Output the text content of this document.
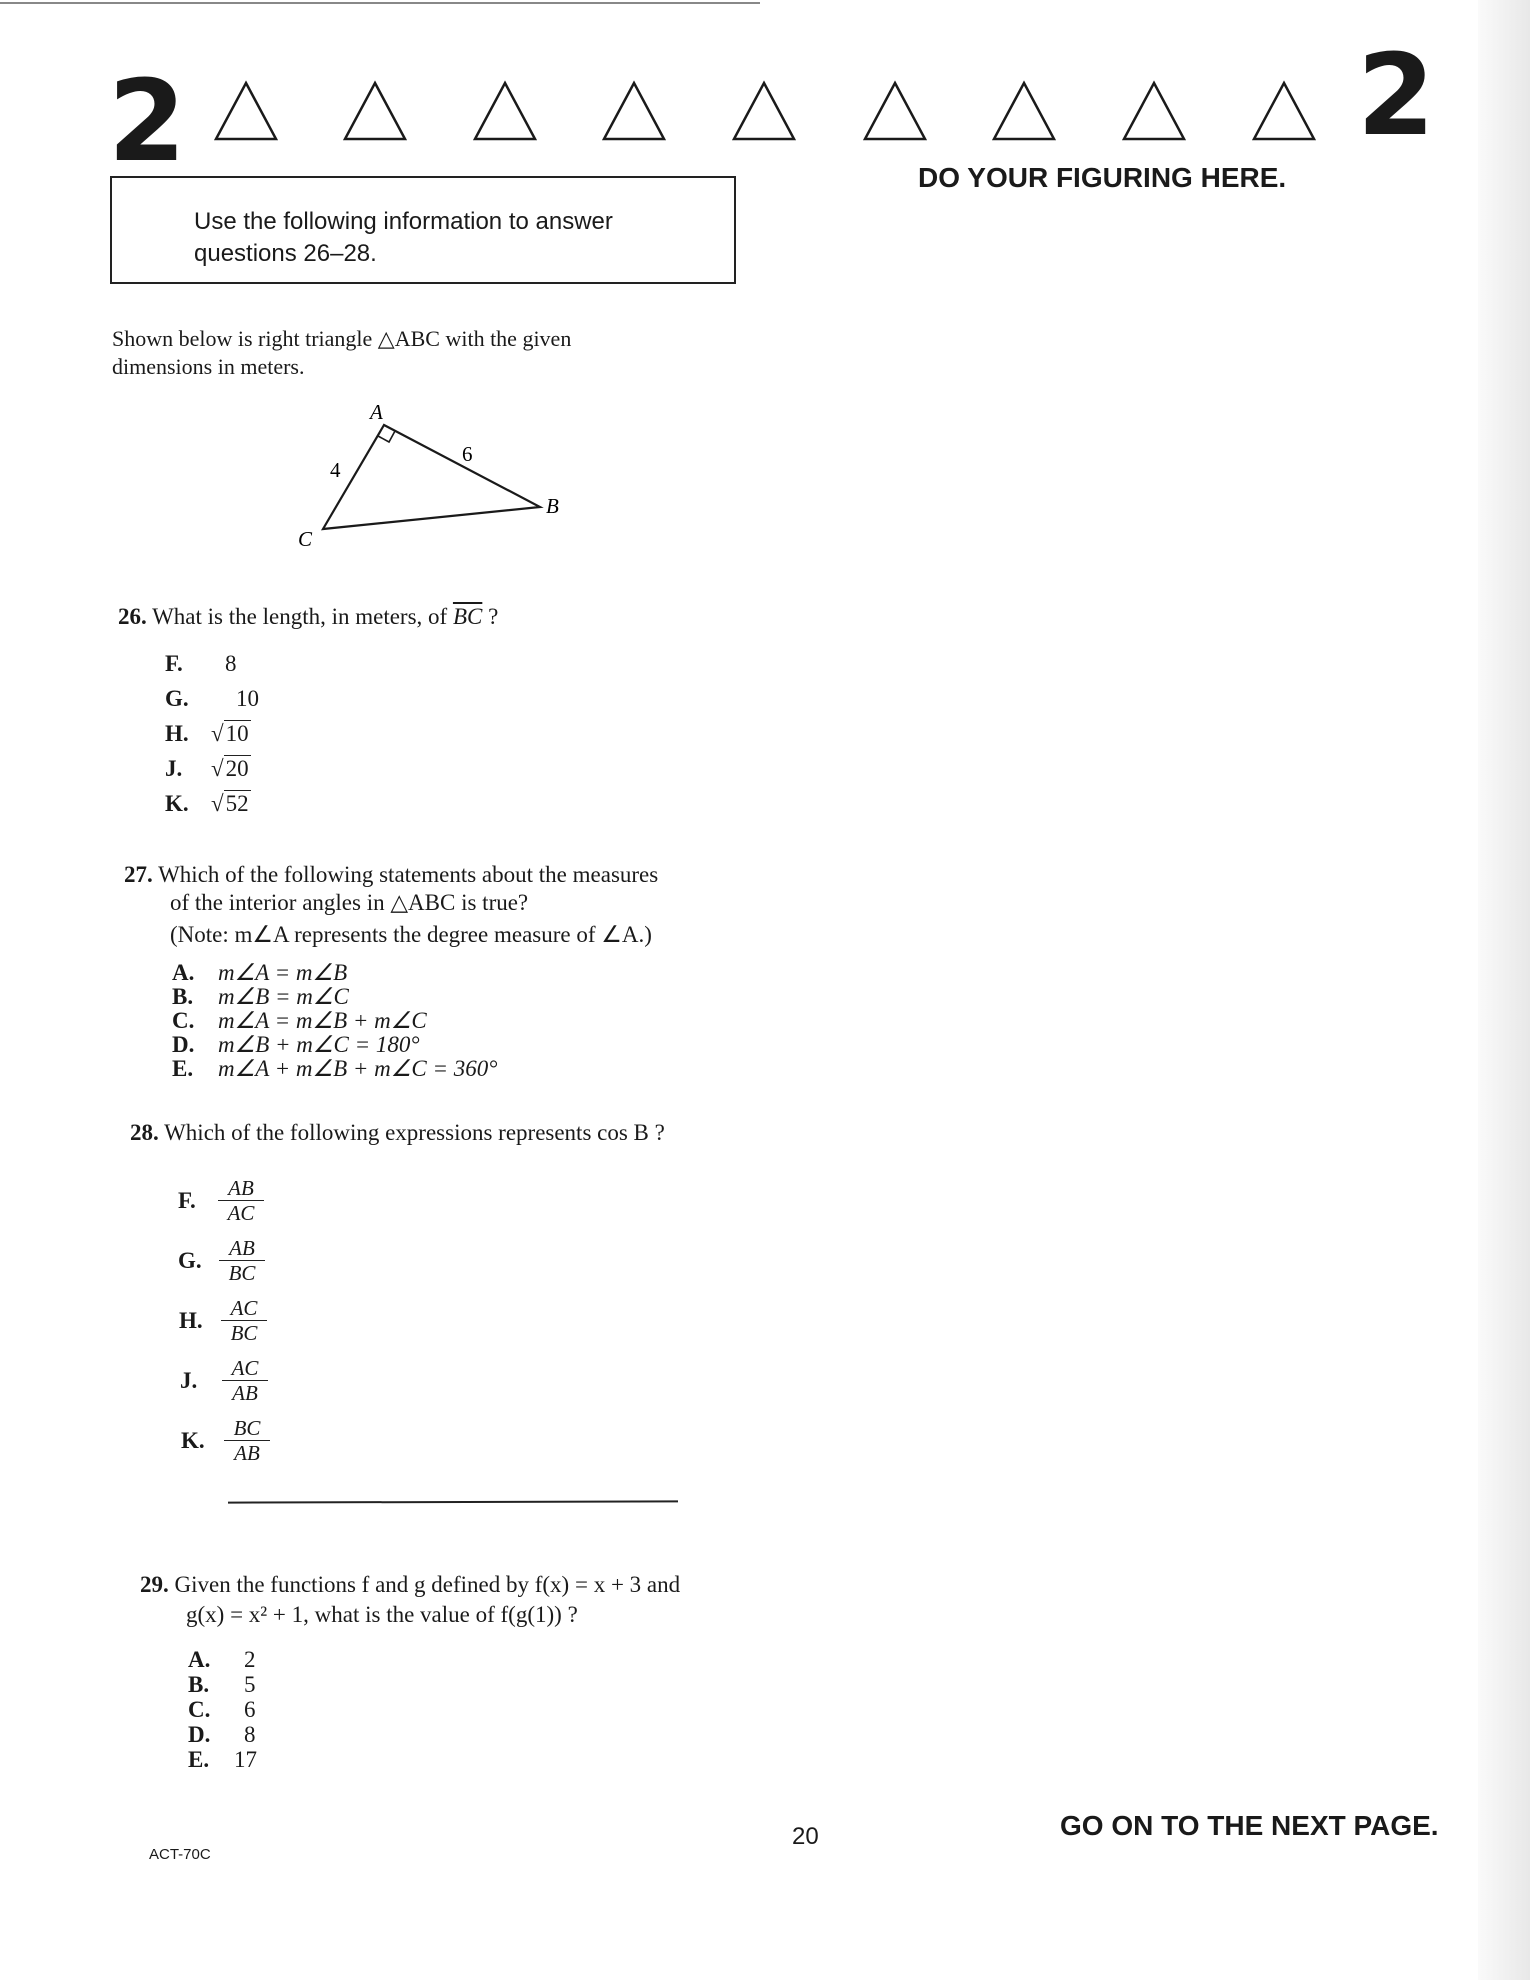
2	2
DO YOUR FIGURING HERE.
Use the following information to answer
questions 26–28.
Shown below is right triangle △ABC with the given
dimensions in meters.
A
B
C
4
6
26. What is the length, in meters, of $\overline{BC}$ ?
F. 8
G. 10
H. √10
J. √20
K. √52
27. Which of the following statements about the measures
of the interior angles in △ABC is true?
(Note: m∠A represents the degree measure of ∠A.)
A. m∠A = m∠B
B. m∠B = m∠C
C. m∠A = m∠B + m∠C
D. m∠B + m∠C = 180°
E. m∠A + m∠B + m∠C = 360°
28. Which of the following expressions represents cos B ?
F. $\frac{AB}{AC}$
G. $\frac{AB}{BC}$
H. $\frac{AC}{BC}$
J. $\frac{AC}{AB}$
K. $\frac{BC}{AB}$
29. Given the functions f and g defined by f(x) = x + 3 and
g(x) = x² + 1, what is the value of f(g(1)) ?
A. 2
B. 5
C. 6
D. 8
E. 17
ACT-70C
20	GO ON TO THE NEXT PAGE.
